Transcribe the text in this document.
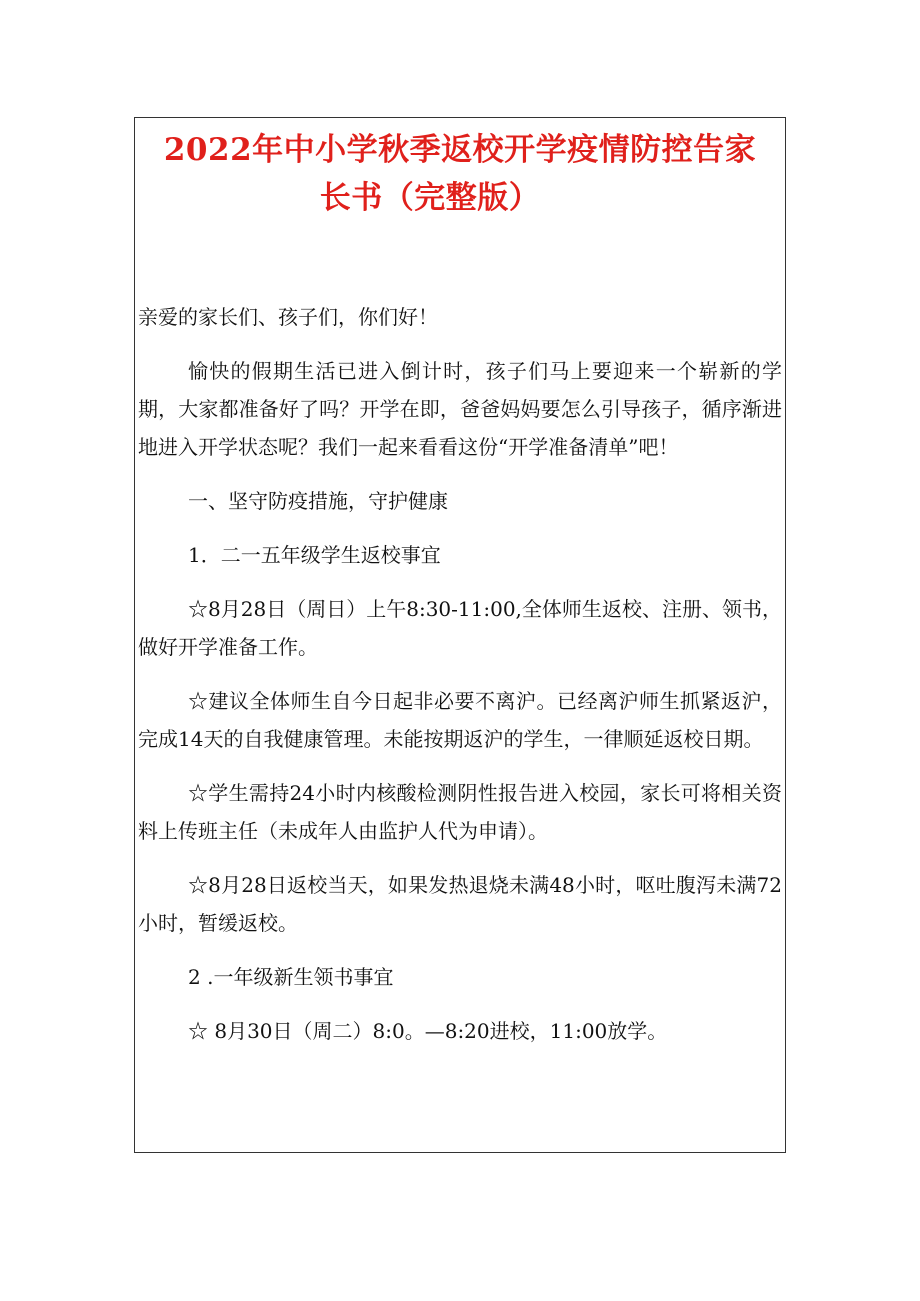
2022年中小学秋季返校开学疫情防控告家
长书（完整版）

亲爱的家长们、孩子们，你们好！

愉快的假期生活已进入倒计时，孩子们马上要迎来一个崭新的学期，大家都准备好了吗？开学在即，爸爸妈妈要怎么引导孩子，循序渐进地进入开学状态呢？我们一起来看看这份“开学准备清单”吧！

一、坚守防疫措施，守护健康

1．二一五年级学生返校事宜

☆8月28日（周日）上午8:30-11:00,全体师生返校、注册、领书，做好开学准备工作。

☆建议全体师生自今日起非必要不离沪。已经离沪师生抓紧返沪，完成14天的自我健康管理。未能按期返沪的学生，一律顺延返校日期。

☆学生需持24小时内核酸检测阴性报告进入校园，家长可将相关资料上传班主任（未成年人由监护人代为申请）。

☆8月28日返校当天，如果发热退烧未满48小时，呕吐腹泻未满72小时，暂缓返校。

2 .一年级新生领书事宜

☆ 8月30日（周二）8:0。—8:20进校，11:00放学。
